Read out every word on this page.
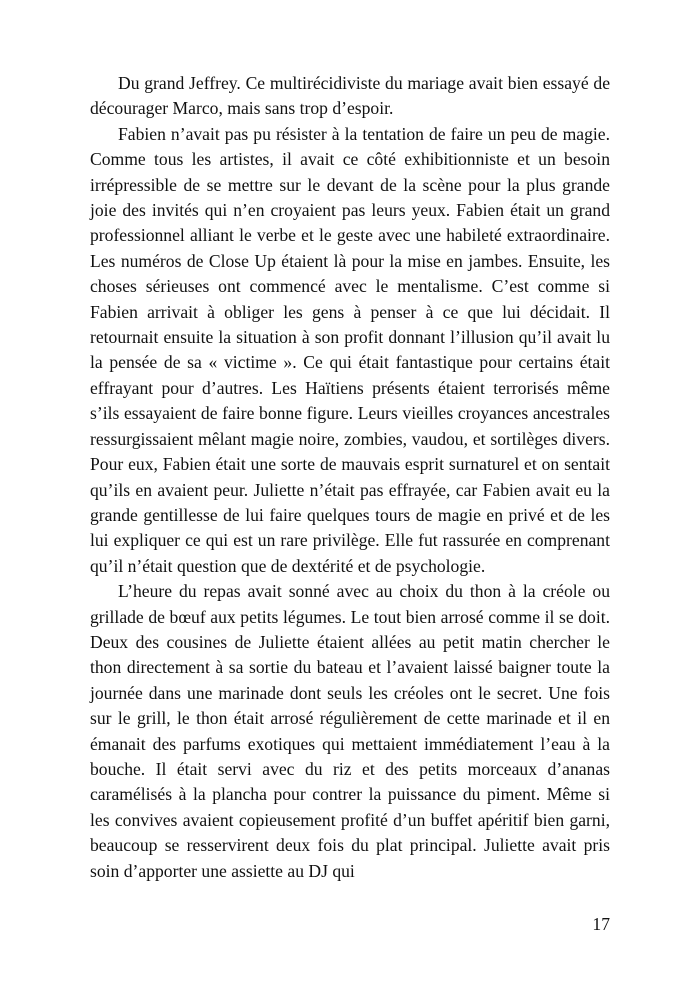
Du grand Jeffrey. Ce multirécidiviste du mariage avait bien essayé de décourager Marco, mais sans trop d’espoir.

Fabien n’avait pas pu résister à la tentation de faire un peu de magie. Comme tous les artistes, il avait ce côté exhibitionniste et un besoin irrépressible de se mettre sur le devant de la scène pour la plus grande joie des invités qui n’en croyaient pas leurs yeux. Fabien était un grand professionnel alliant le verbe et le geste avec une habileté extraordinaire. Les numéros de Close Up étaient là pour la mise en jambes. Ensuite, les choses sérieuses ont commencé avec le mentalisme. C’est comme si Fabien arrivait à obliger les gens à penser à ce que lui décidait. Il retournait ensuite la situation à son profit donnant l’illusion qu’il avait lu la pensée de sa « victime ». Ce qui était fantastique pour certains était effrayant pour d’autres. Les Haïtiens présents étaient terrorisés même s’ils essayaient de faire bonne figure. Leurs vieilles croyances ancestrales ressurgissaient mêlant magie noire, zombies, vaudou, et sortilèges divers. Pour eux, Fabien était une sorte de mauvais esprit surnaturel et on sentait qu’ils en avaient peur. Juliette n’était pas effrayée, car Fabien avait eu la grande gentillesse de lui faire quelques tours de magie en privé et de les lui expliquer ce qui est un rare privilège. Elle fut rassurée en comprenant qu’il n’était question que de dextérité et de psychologie.

L’heure du repas avait sonné avec au choix du thon à la créole ou grillade de bœuf aux petits légumes. Le tout bien arrosé comme il se doit. Deux des cousines de Juliette étaient allées au petit matin chercher le thon directement à sa sortie du bateau et l’avaient laissé baigner toute la journée dans une marinade dont seuls les créoles ont le secret. Une fois sur le grill, le thon était arrosé régulièrement de cette marinade et il en émanait des parfums exotiques qui mettaient immédiatement l’eau à la bouche. Il était servi avec du riz et des petits morceaux d’ananas caramélisés à la plancha pour contrer la puissance du piment. Même si les convives avaient copieusement profité d’un buffet apéritif bien garni, beaucoup se resservirent deux fois du plat principal. Juliette avait pris soin d’apporter une assiette au DJ qui

17
